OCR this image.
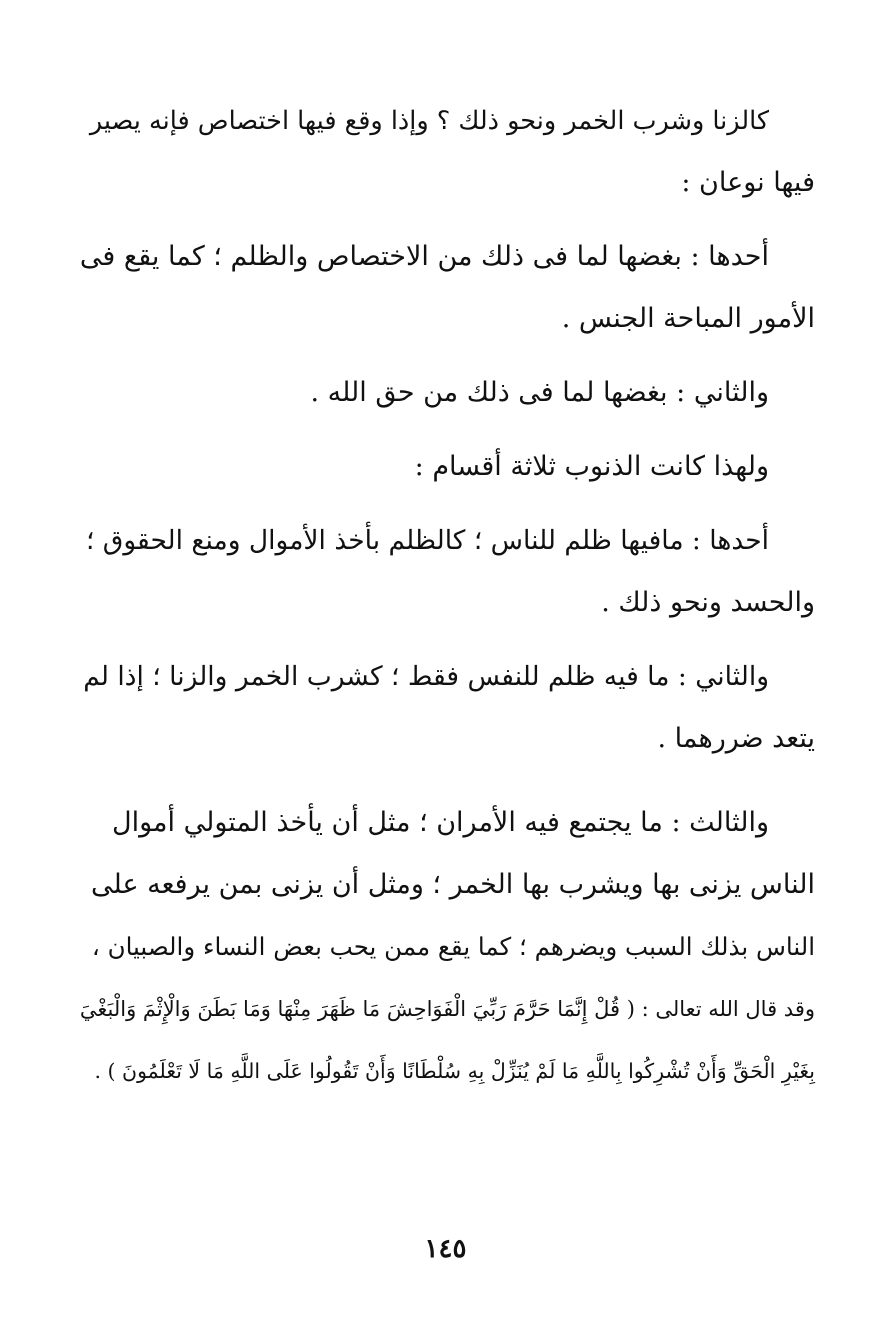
كالزنا وشرب الخمر ونحو ذلك ؟ وإذا وقع فيها اختصاص فإنه يصير
فيها نوعان :

أحدها : بغضها لما فى ذلك من الاختصاص والظلم ؛ كما يقع فى
الأمور المباحة الجنس .

والثاني : بغضها لما فى ذلك من حق الله .

ولهذا كانت الذنوب ثلاثة أقسام :

أحدها : مافيها ظلم للناس ؛ كالظلم بأخذ الأموال ومنع الحقوق ؛
والحسد ونحو ذلك .

والثاني : ما فيه ظلم للنفس فقط ؛ كشرب الخمر والزنا ؛ إذا لم
يتعد ضررهما .

والثالث : ما يجتمع فيه الأمران ؛ مثل أن يأخذ المتولي أموال
الناس يزنى بها ويشرب بها الخمر ؛ ومثل أن يزنى بمن يرفعه على
الناس بذلك السبب ويضرهم ؛ كما يقع ممن يحب بعض النساء والصبيان ،
وقد قال الله تعالى : ( قُلْ إِنَّمَا حَرَّمَ رَبِّيَ الْفَوَاحِشَ مَا ظَهَرَ مِنْهَا وَمَا بَطَنَ وَالْإِثْمَ وَالْبَغْيَ
بِغَيْرِ الْحَقِّ وَأَنْ تُشْرِكُوا بِاللَّهِ مَا لَمْ يُنَزِّلْ بِهِ سُلْطَانًا وَأَنْ تَقُولُوا عَلَى اللَّهِ مَا لَا تَعْلَمُونَ ) .

١٤٥
